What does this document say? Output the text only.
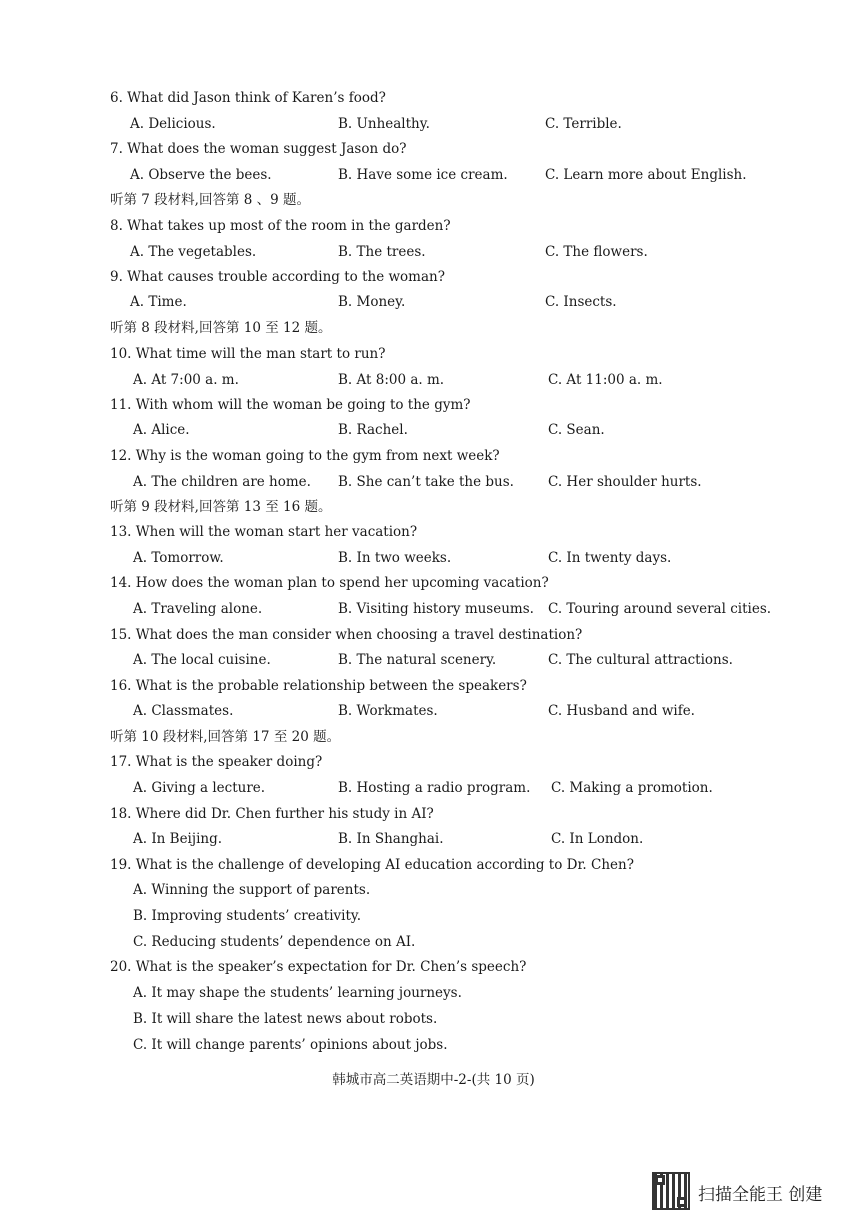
6. What did Jason think of Karen’s food?
A. Delicious.	B. Unhealthy.	C. Terrible.
7. What does the woman suggest Jason do?
A. Observe the bees.	B. Have some ice cream.	C. Learn more about English.
听第 7 段材料,回答第 8 、9 题。
8. What takes up most of the room in the garden?
A. The vegetables.	B. The trees.	C. The flowers.
9. What causes trouble according to the woman?
A. Time.	B. Money.	C. Insects.
听第 8 段材料,回答第 10 至 12 题。
10. What time will the man start to run?
A. At 7:00 a. m.	B. At 8:00 a. m.	C. At 11:00 a. m.
11. With whom will the woman be going to the gym?
A. Alice.	B. Rachel.	C. Sean.
12. Why is the woman going to the gym from next week?
A. The children are home. B. She can’t take the bus.	C. Her shoulder hurts.
听第 9 段材料,回答第 13 至 16 题。
13. When will the woman start her vacation?
A. Tomorrow.	B. In two weeks.	C. In twenty days.
14. How does the woman plan to spend her upcoming vacation?
A. Traveling alone.	B. Visiting history museums. C. Touring around several cities.
15. What does the man consider when choosing a travel destination?
A. The local cuisine.	B. The natural scenery.	C. The cultural attractions.
16. What is the probable relationship between the speakers?
A. Classmates.	B. Workmates.	C. Husband and wife.
听第 10 段材料,回答第 17 至 20 题。
17. What is the speaker doing?
A. Giving a lecture.	B. Hosting a radio program. C. Making a promotion.
18. Where did Dr. Chen further his study in AI?
A. In Beijing.	B. In Shanghai.	C. In London.
19. What is the challenge of developing AI education according to Dr. Chen?
A. Winning the support of parents.
B. Improving students’ creativity.
C. Reducing students’ dependence on AI.
20. What is the speaker’s expectation for Dr. Chen’s speech?
A. It may shape the students’ learning journeys.
B. It will share the latest news about robots.
C. It will change parents’ opinions about jobs.
韩城市高二英语期中-2-(共 10 页)
扫描全能王 创建
